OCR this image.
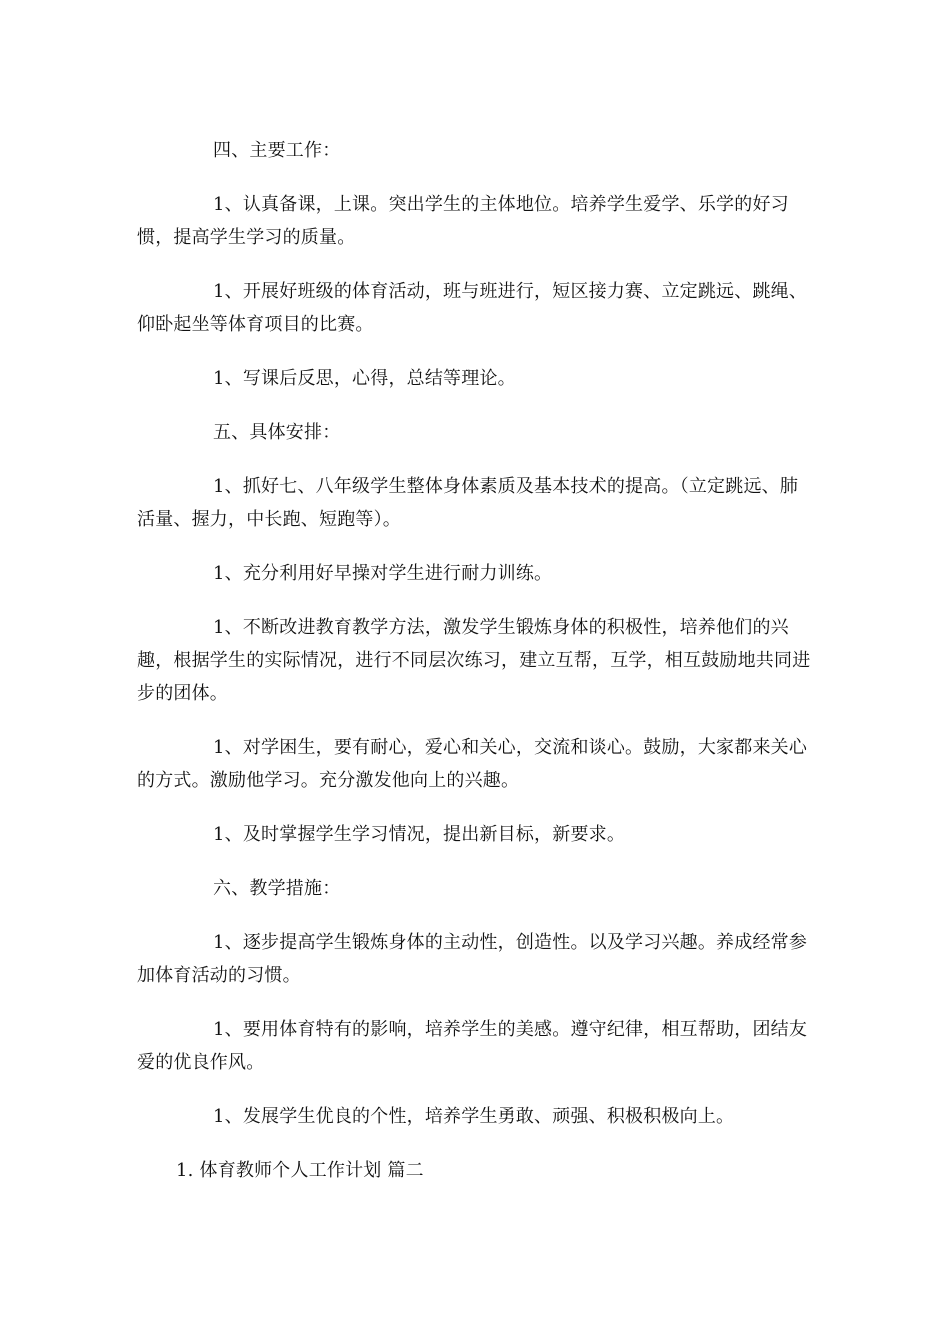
四、主要工作：

1、认真备课，上课。突出学生的主体地位。培养学生爱学、乐学的好习惯，提高学生学习的质量。

1、开展好班级的体育活动，班与班进行，短区接力赛、立定跳远、跳绳、仰卧起坐等体育项目的比赛。

1、写课后反思，心得，总结等理论。

五、具体安排：

1、抓好七、八年级学生整体身体素质及基本技术的提高。（立定跳远、肺活量、握力，中长跑、短跑等）。

1、充分利用好早操对学生进行耐力训练。

1、不断改进教育教学方法，激发学生锻炼身体的积极性，培养他们的兴趣，根据学生的实际情况，进行不同层次练习，建立互帮，互学，相互鼓励地共同进步的团体。

1、对学困生，要有耐心，爱心和关心，交流和谈心。鼓励，大家都来关心的方式。激励他学习。充分激发他向上的兴趣。

1、及时掌握学生学习情况，提出新目标，新要求。

六、教学措施：

1、逐步提高学生锻炼身体的主动性，创造性。以及学习兴趣。养成经常参加体育活动的习惯。

1、要用体育特有的影响，培养学生的美感。遵守纪律，相互帮助，团结友爱的优良作风。

1、发展学生优良的个性，培养学生勇敢、顽强、积极积极向上。

1. 体育教师个人工作计划 篇二
